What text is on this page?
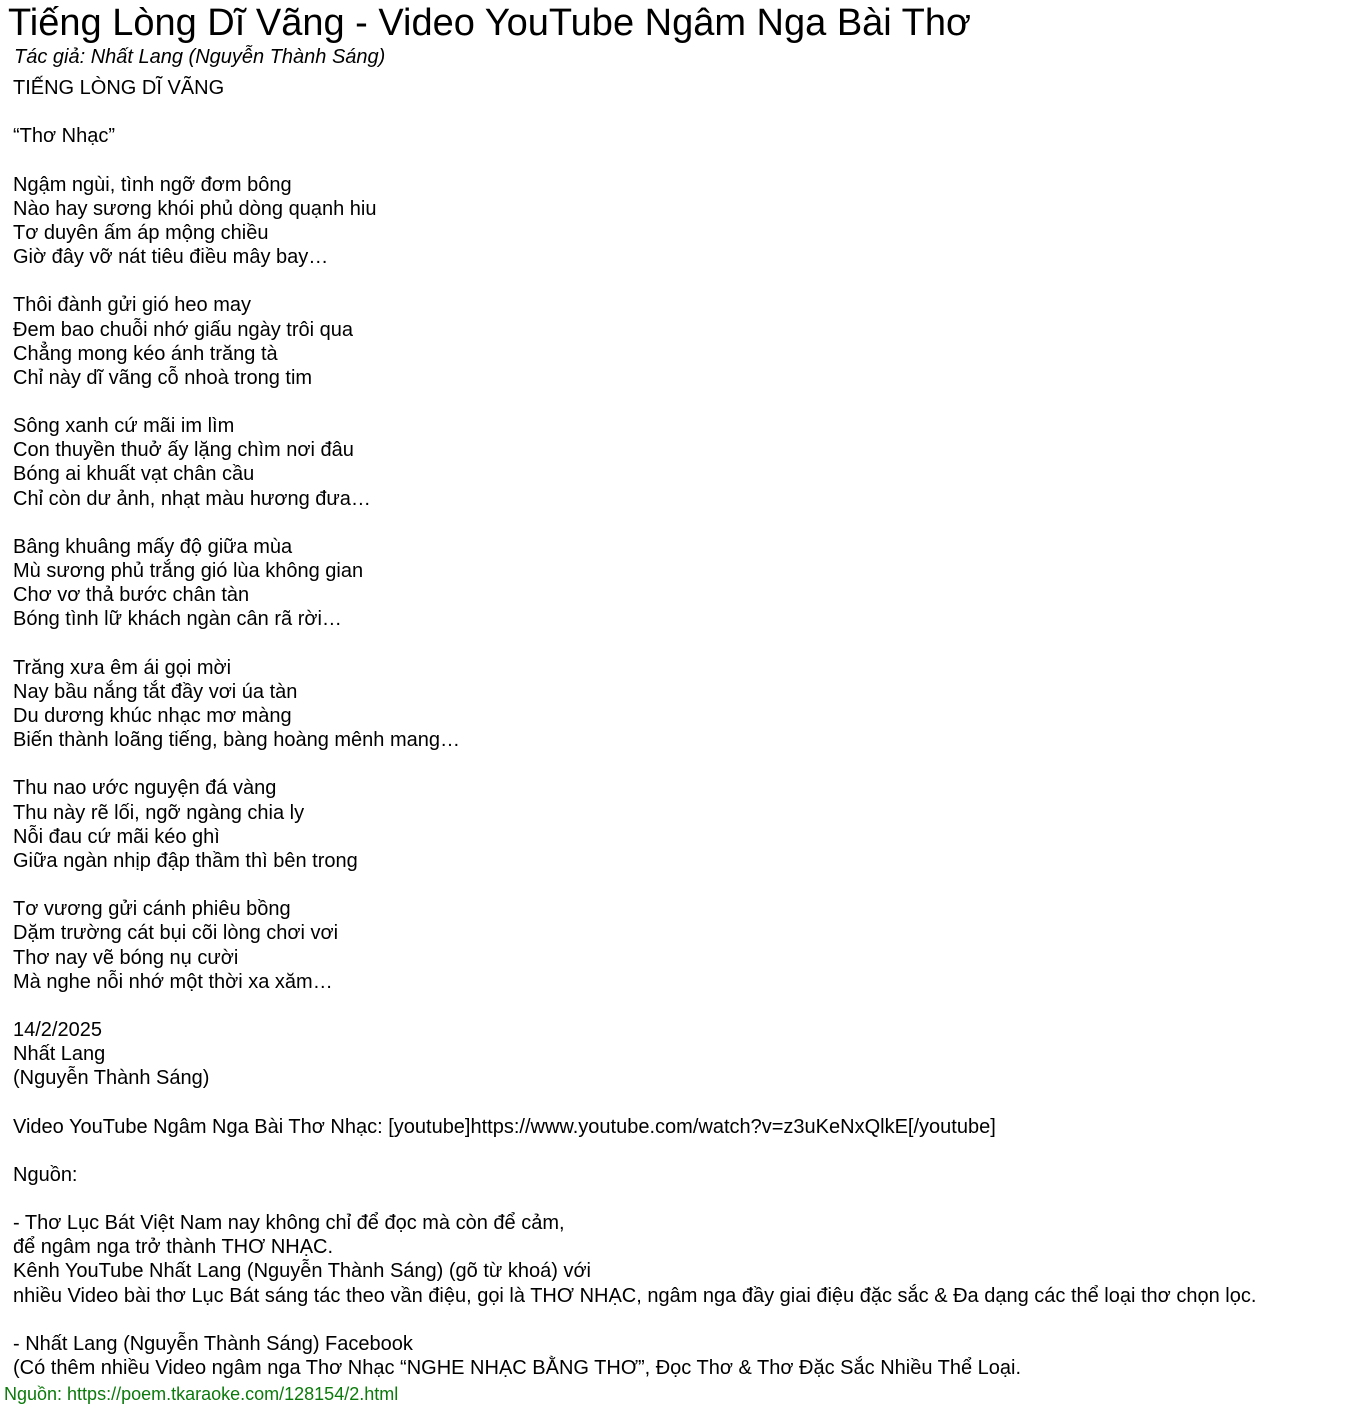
Tiếng Lòng Dĩ Vãng - Video YouTube Ngâm Nga Bài Thơ
Tác giả: Nhất Lang (Nguyễn Thành Sáng)
TIẾNG LÒNG DĨ VÃNG
“Thơ Nhạc”
Ngậm ngùi, tình ngỡ đơm bông
Nào hay sương khói phủ dòng quạnh hiu
Tơ duyên ấm áp mộng chiều
Giờ đây vỡ nát tiêu điều mây bay…
Thôi đành gửi gió heo may
Đem bao chuỗi nhớ giấu ngày trôi qua
Chẳng mong kéo ánh trăng tà
Chỉ này dĩ vãng cỗ nhoà trong tim
Sông xanh cứ mãi im lìm
Con thuyền thuở ấy lặng chìm nơi đâu
Bóng ai khuất vạt chân cầu
Chỉ còn dư ảnh, nhạt màu hương đưa…
Bâng khuâng mấy độ giữa mùa
Mù sương phủ trắng gió lùa không gian
Chơ vơ thả bước chân tàn
Bóng tình lữ khách ngàn cân rã rời…
Trăng xưa êm ái gọi mời
Nay bầu nắng tắt đầy vơi úa tàn
Du dương khúc nhạc mơ màng
Biến thành loãng tiếng, bàng hoàng mênh mang…
Thu nao ước nguyện đá vàng
Thu này rẽ lối, ngỡ ngàng chia ly
Nỗi đau cứ mãi kéo ghì
Giữa ngàn nhịp đập thầm thì bên trong
Tơ vương gửi cánh phiêu bồng
Dặm trường cát bụi cõi lòng chơi vơi
Thơ nay vẽ bóng nụ cười
Mà nghe nỗi nhớ một thời xa xăm…
14/2/2025
Nhất Lang
(Nguyễn Thành Sáng)
Video YouTube Ngâm Nga Bài Thơ Nhạc: [youtube]https://www.youtube.com/watch?v=z3uKeNxQlkE[/youtube]
Nguồn:
- Thơ Lục Bát Việt Nam nay không chỉ để đọc mà còn để cảm,
để ngâm nga trở thành THƠ NHẠC.
Kênh YouTube Nhất Lang (Nguyễn Thành Sáng) (gõ từ khoá) với
nhiều Video bài thơ Lục Bát sáng tác theo vần điệu, gọi là THƠ NHẠC, ngâm nga đầy giai điệu đặc sắc & Đa dạng các thể loại thơ chọn lọc.
- Nhất Lang (Nguyễn Thành Sáng) Facebook
(Có thêm nhiều Video ngâm nga Thơ Nhạc “NGHE NHẠC BẰNG THƠ”, Đọc Thơ & Thơ Đặc Sắc Nhiều Thể Loại.
Nguồn: https://poem.tkaraoke.com/128154/2.html
